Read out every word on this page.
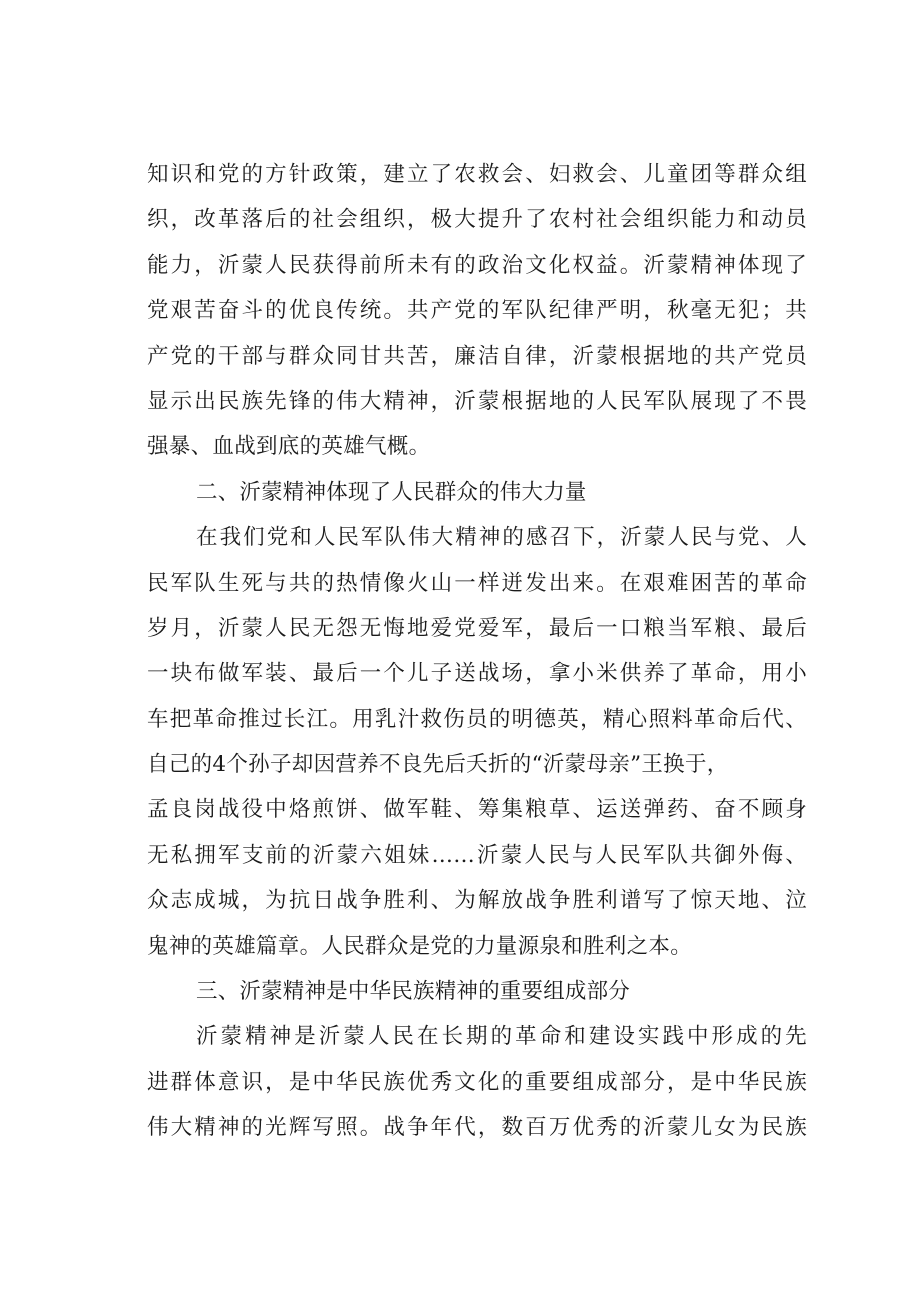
知识和党的方针政策，建立了农救会、妇救会、儿童团等群众组
织，改革落后的社会组织，极大提升了农村社会组织能力和动员
能力，沂蒙人民获得前所未有的政治文化权益。沂蒙精神体现了
党艰苦奋斗的优良传统。共产党的军队纪律严明，秋毫无犯；共
产党的干部与群众同甘共苦，廉洁自律，沂蒙根据地的共产党员
显示出民族先锋的伟大精神，沂蒙根据地的人民军队展现了不畏
强暴、血战到底的英雄气概。
二、沂蒙精神体现了人民群众的伟大力量
在我们党和人民军队伟大精神的感召下，沂蒙人民与党、人
民军队生死与共的热情像火山一样迸发出来。在艰难困苦的革命
岁月，沂蒙人民无怨无悔地爱党爱军，最后一口粮当军粮、最后
一块布做军装、最后一个儿子送战场，拿小米供养了革命，用小
车把革命推过长江。用乳汁救伤员的明德英，精心照料革命后代、
自己的4个孙子却因营养不良先后夭折的“沂蒙母亲”王换于，
孟良岗战役中烙煎饼、做军鞋、筹集粮草、运送弹药、奋不顾身
无私拥军支前的沂蒙六姐妹……沂蒙人民与人民军队共御外侮、
众志成城，为抗日战争胜利、为解放战争胜利谱写了惊天地、泣
鬼神的英雄篇章。人民群众是党的力量源泉和胜利之本。
三、沂蒙精神是中华民族精神的重要组成部分
沂蒙精神是沂蒙人民在长期的革命和建设实践中形成的先
进群体意识，是中华民族优秀文化的重要组成部分，是中华民族
伟大精神的光辉写照。战争年代，数百万优秀的沂蒙儿女为民族
